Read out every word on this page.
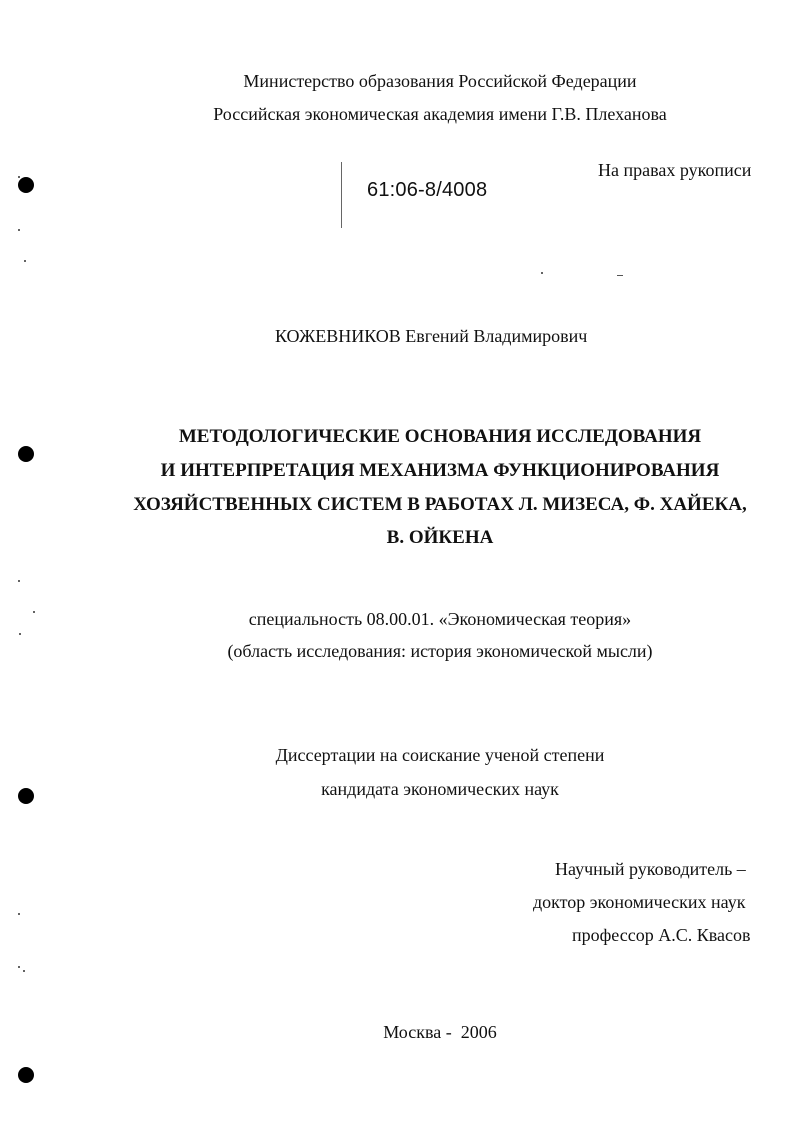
Министерство образования Российской Федерации
Российская экономическая академия имени Г.В. Плеханова
61:06-8/4008
На правах рукописи
КОЖЕВНИКОВ Евгений Владимирович
МЕТОДОЛОГИЧЕСКИЕ ОСНОВАНИЯ ИССЛЕДОВАНИЯ
И ИНТЕРПРЕТАЦИЯ МЕХАНИЗМА ФУНКЦИОНИРОВАНИЯ
ХОЗЯЙСТВЕННЫХ СИСТЕМ В РАБОТАХ Л. МИЗЕСА, Ф. ХАЙЕКА,
В. ОЙКЕНА
специальность 08.00.01. «Экономическая теория»
(область исследования: история экономической мысли)
Диссертации на соискание ученой степени
кандидата экономических наук
Научный руководитель –
доктор экономических наук
профессор А.С. Квасов
Москва -  2006
